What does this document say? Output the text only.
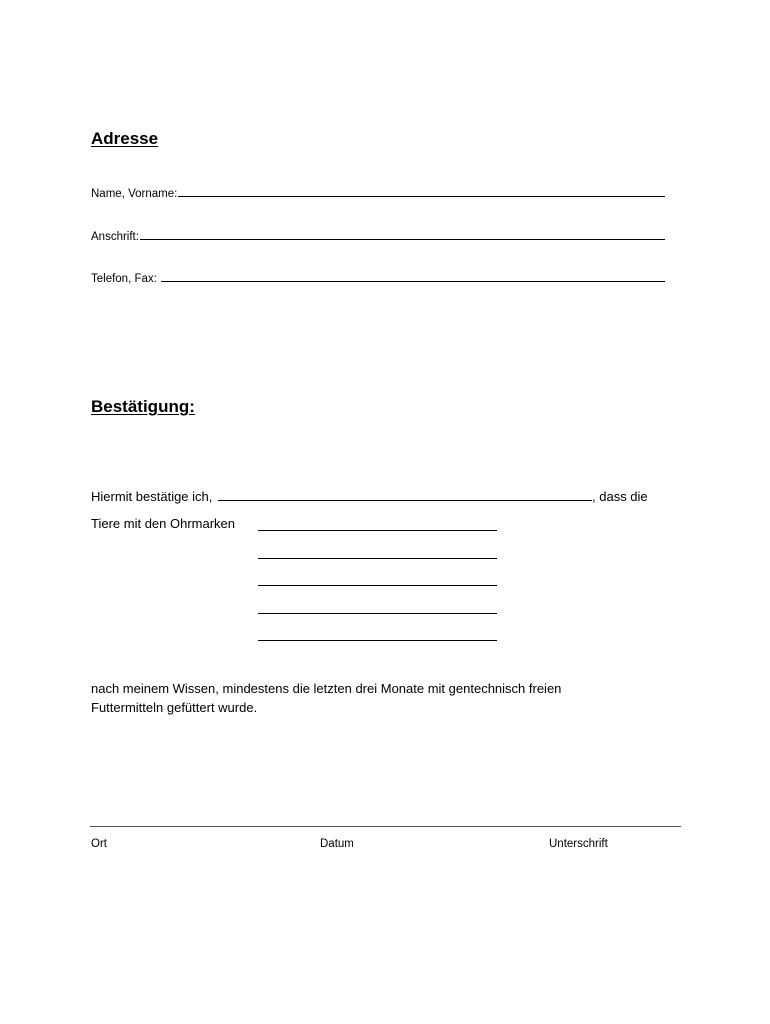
Adresse
Name, Vorname:
Anschrift:
Telefon, Fax:
Bestätigung:
Hiermit bestätige ich,	, dass die
Tiere mit den Ohrmarken
nach meinem Wissen, mindestens die letzten drei Monate mit gentechnisch freien
Futtermitteln gefüttert wurde.
Ort	Datum	Unterschrift
